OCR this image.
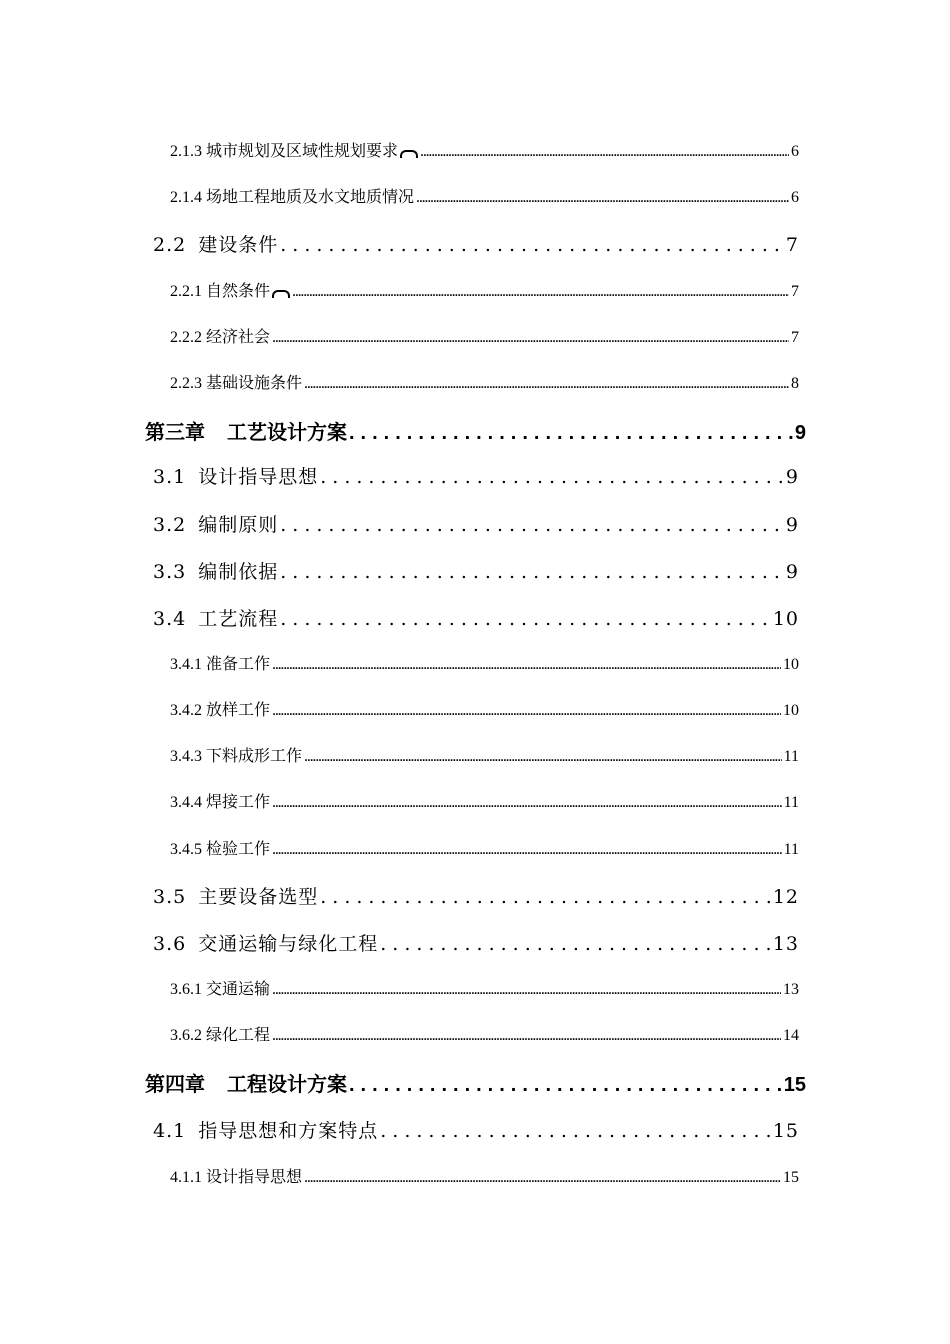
2.1.3 城市规划及区域性规划要求 .....	6
2.1.4 场地工程地质及水文地质情况 .....	6
2.2 建设条件 .....	7
2.2.1 自然条件 .....	7
2.2.2 经济社会 .....	7
2.2.3 基础设施条件 .....	8
第三章 工艺设计方案 .....	9
3.1 设计指导思想 .....	9
3.2 编制原则 .....	9
3.3 编制依据 .....	9
3.4 工艺流程 .....	10
3.4.1 准备工作 .....	10
3.4.2 放样工作 .....	10
3.4.3 下料成形工作 .....	11
3.4.4 焊接工作 .....	11
3.4.5 检验工作 .....	11
3.5 主要设备选型 .....	12
3.6 交通运输与绿化工程 .....	13
3.6.1 交通运输 .....	13
3.6.2 绿化工程 .....	14
第四章 工程设计方案 .....	15
4.1 指导思想和方案特点 .....	15
4.1.1 设计指导思想 .....	15
